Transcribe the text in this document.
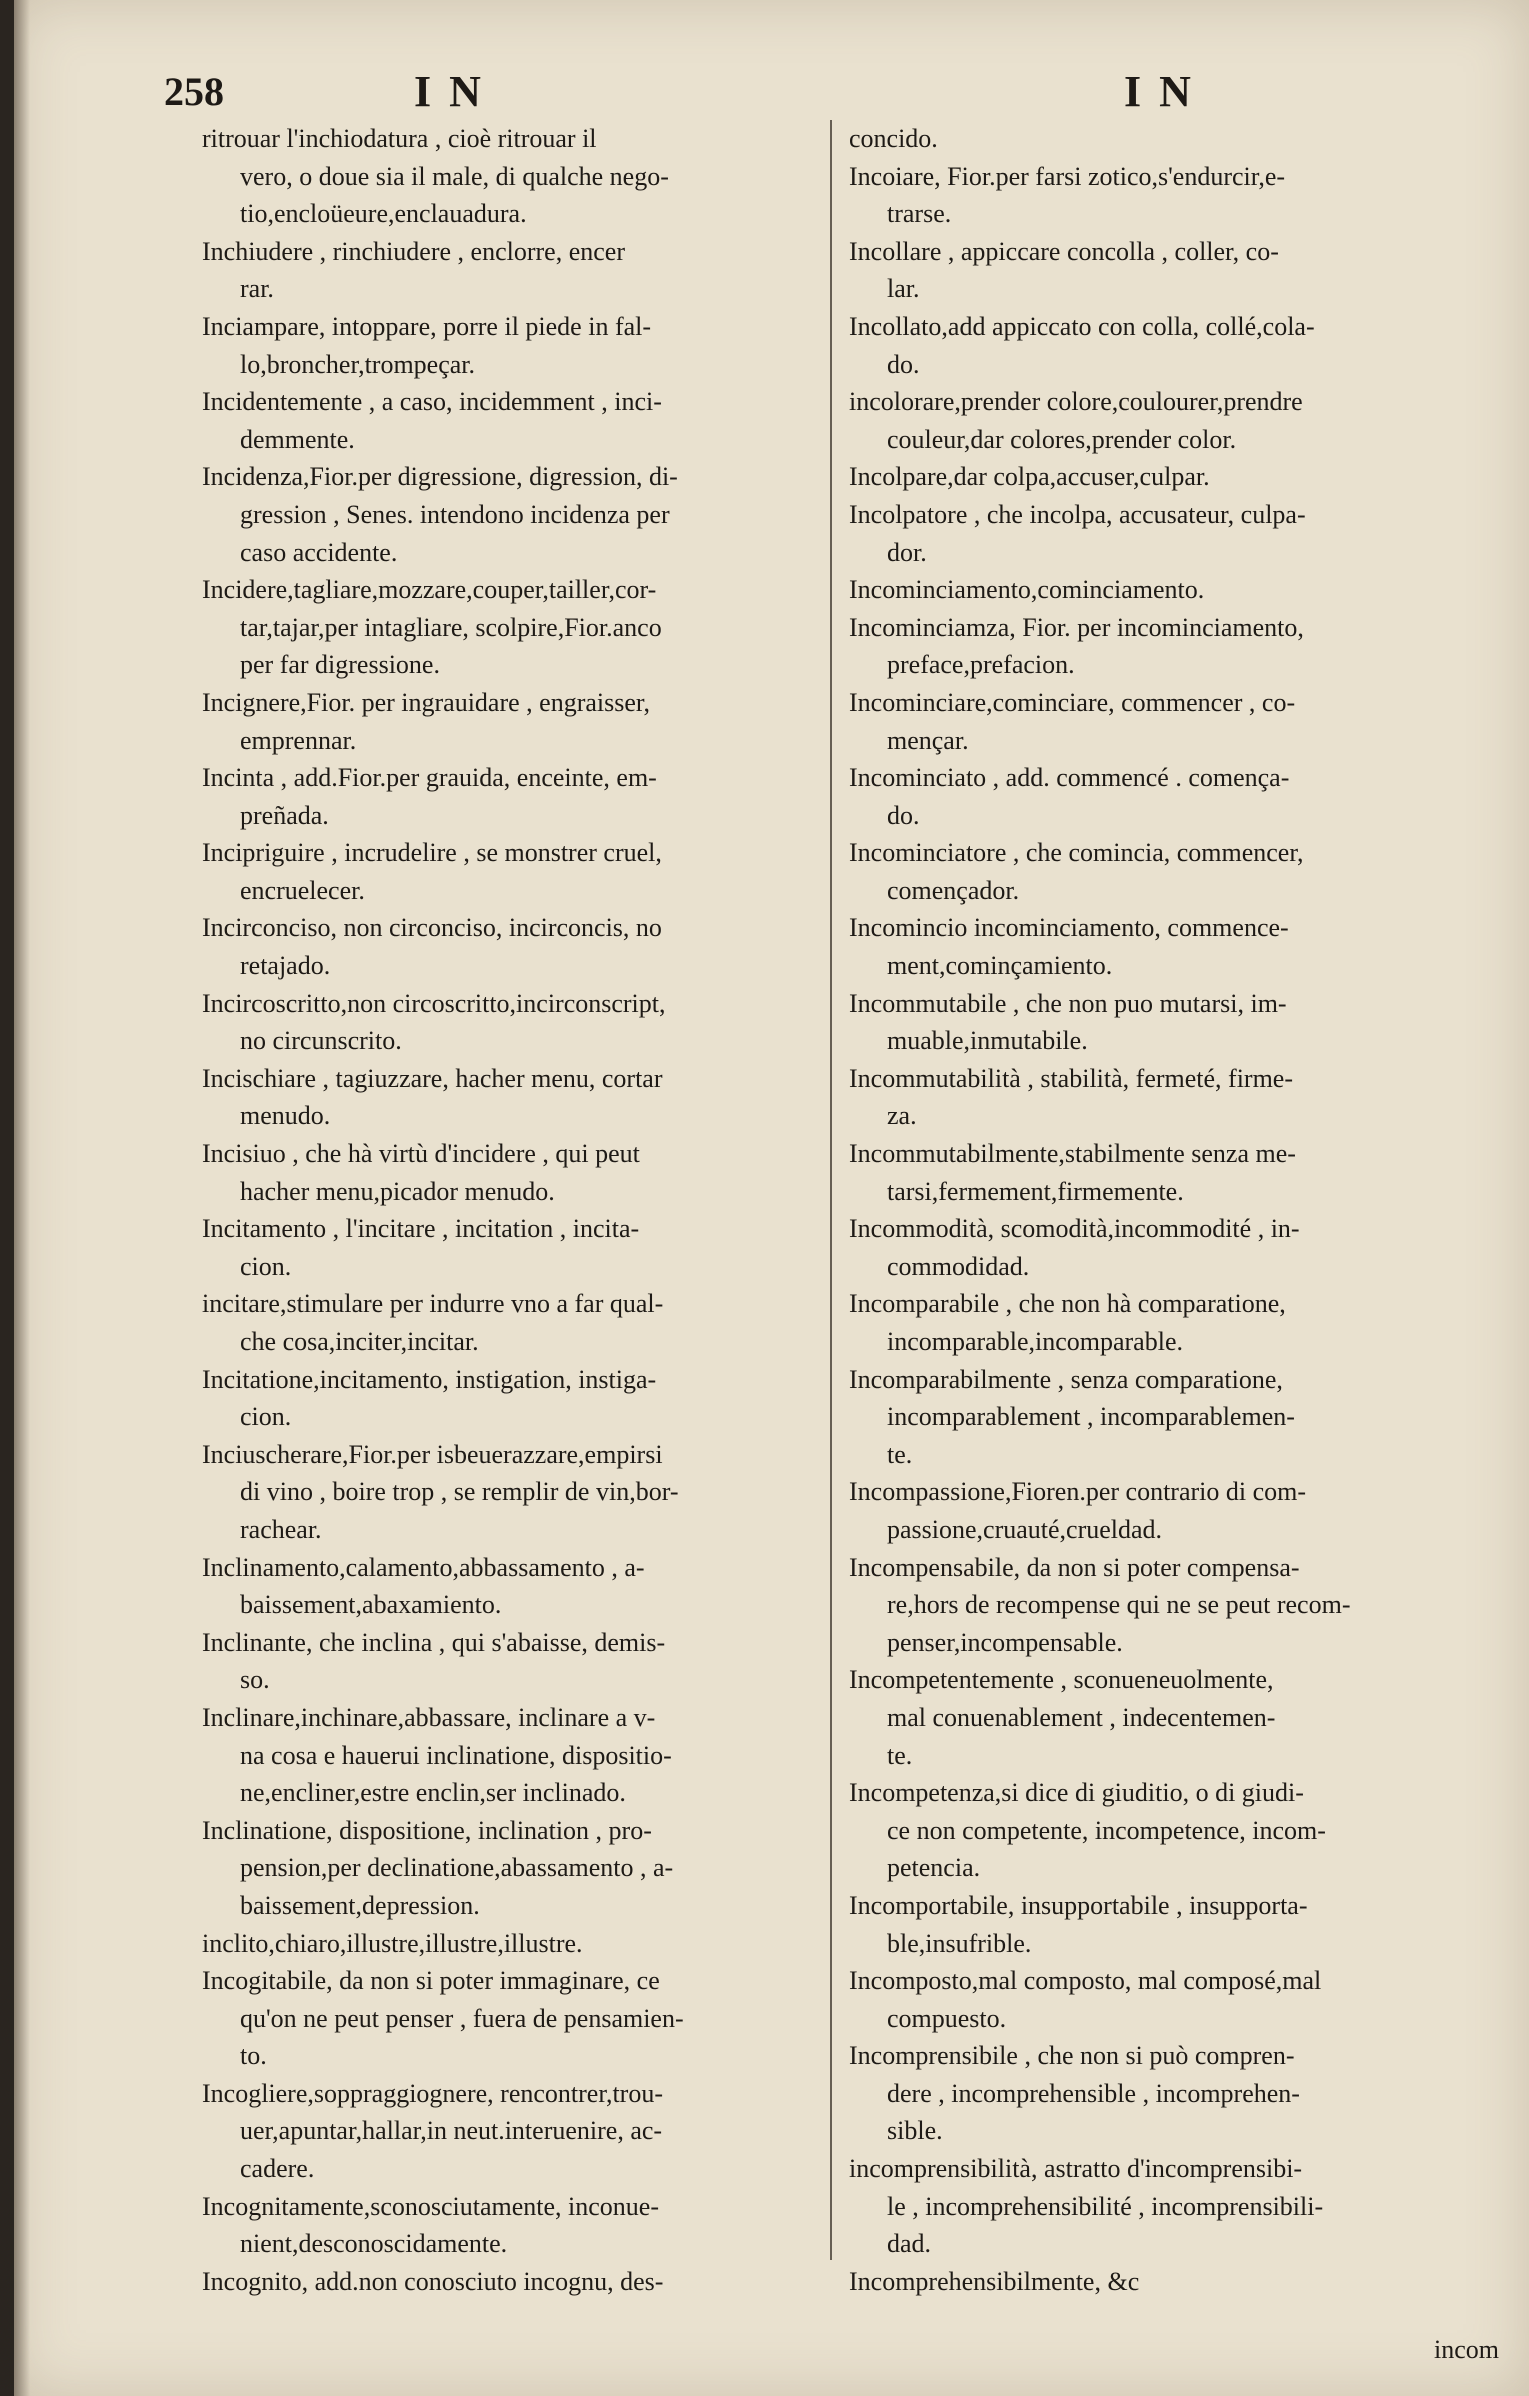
258	IN	IN
ritrouar l'inchiodatura , cioè ritrouar il
vero, o doue sia il male, di qualche nego-
tio,encloüeure,enclauadura.
Inchiudere , rinchiudere , enclorre, encer
rar.
Inciampare, intoppare, porre il piede in fal-
lo,broncher,trompeçar.
Incidentemente , a caso, incidemment , inci-
demmente.
Incidenza,Fior.per digressione, digression, di-
gression , Senes. intendono incidenza per
caso accidente.
Incidere,tagliare,mozzare,couper,tailler,cor-
tar,tajar,per intagliare, scolpire,Fior.anco
per far digressione.
Incignere,Fior. per ingrauidare , engraisser,
emprennar.
Incinta , add.Fior.per grauida, enceinte, em-
preñada.
Incipriguire , incrudelire , se monstrer cruel,
encruelecer.
Incirconciso, non circonciso, incirconcis, no
retajado.
Incircoscritto,non circoscritto,incirconscript,
no circunscrito.
Incischiare , tagiuzzare, hacher menu, cortar
menudo.
Incisiuo , che hà virtù d'incidere , qui peut
hacher menu,picador menudo.
Incitamento , l'incitare , incitation , incita-
cion.
incitare,stimulare per indurre vno a far qual-
che cosa,inciter,incitar.
Incitatione,incitamento, instigation, instiga-
cion.
Inciuscherare,Fior.per isbeuerazzare,empirsi
di vino , boire trop , se remplir de vin,bor-
rachear.
Inclinamento,calamento,abbassamento , a-
baissement,abaxamiento.
Inclinante, che inclina , qui s'abaisse, demis-
so.
Inclinare,inchinare,abbassare, inclinare a v-
na cosa e hauerui inclinatione, dispositio-
ne,encliner,estre enclin,ser inclinado.
Inclinatione, dispositione, inclination , pro-
pension,per declinatione,abassamento , a-
baissement,depression.
inclito,chiaro,illustre,illustre,illustre.
Incogitabile, da non si poter immaginare, ce
qu'on ne peut penser , fuera de pensamien-
to.
Incogliere,soppraggiognere, rencontrer,trou-
uer,apuntar,hallar,in neut.interuenire, ac-
cadere.
Incognitamente,sconosciutamente, inconue-
nient,desconoscidamente.
Incognito, add.non conosciuto incognu, des-
concido.
Incoiare, Fior.per farsi zotico,s'endurcir,e-
trarse.
Incollare , appiccare concolla , coller, co-
lar.
Incollato,add appiccato con colla, collé,cola-
do.
incolorare,prender colore,coulourer,prendre
couleur,dar colores,prender color.
Incolpare,dar colpa,accuser,culpar.
Incolpatore , che incolpa, accusateur, culpa-
dor.
Incominciamento,cominciamento.
Incominciamza, Fior. per incominciamento,
preface,prefacion.
Incominciare,cominciare, commencer , co-
mençar.
Incominciato , add. commencé . comença-
do.
Incominciatore , che comincia, commencer,
començador.
Incomincio incominciamento, commence-
ment,cominçamiento.
Incommutabile , che non puo mutarsi, im-
muable,inmutabile.
Incommutabilità , stabilità, fermeté, firme-
za.
Incommutabilmente,stabilmente senza me-
tarsi,fermement,firmemente.
Incommodità, scomodità,incommodité , in-
commodidad.
Incomparabile , che non hà comparatione,
incomparable,incomparable.
Incomparabilmente , senza comparatione,
incomparablement , incomparablemen-
te.
Incompassione,Fioren.per contrario di com-
passione,cruauté,crueldad.
Incompensabile, da non si poter compensa-
re,hors de recompense qui ne se peut recom-
penser,incompensable.
Incompetentemente , sconueneuolmente,
mal conuenablement , indecentemen-
te.
Incompetenza,si dice di giuditio, o di giudi-
ce non competente, incompetence, incom-
petencia.
Incomportabile, insupportabile , insupporta-
ble,insufrible.
Incomposto,mal composto, mal composé,mal
compuesto.
Incomprensibile , che non si può compren-
dere , incomprehensible , incomprehen-
sible.
incomprensibilità, astratto d'incomprensibi-
le , incomprehensibilité , incomprensibili-
dad.
Incomprehensibilmente, &c
incom
